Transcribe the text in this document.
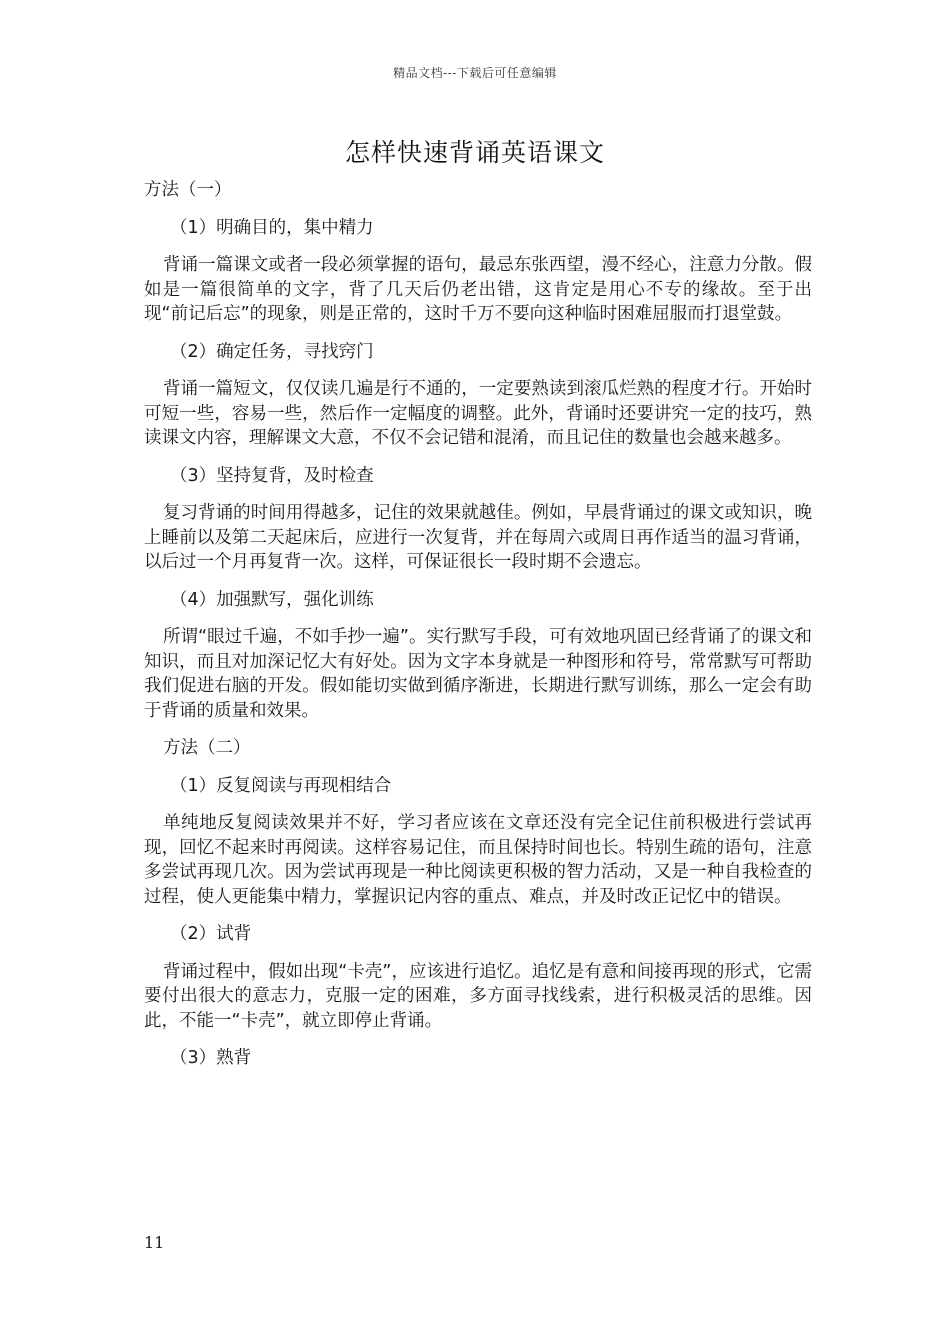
精品文档---下载后可任意编辑
怎样快速背诵英语课文
方法（一）
（1）明确目的，集中精力

背诵一篇课文或者一段必须掌握的语句，最忌东张西望，漫不经心，注意力分散。假如是一篇很简单的文字，背了几天后仍老出错，这肯定是用心不专的缘故。至于出现“前记后忘”的现象，则是正常的，这时千万不要向这种临时困难屈服而打退堂鼓。

（2）确定任务，寻找窍门

背诵一篇短文，仅仅读几遍是行不通的，一定要熟读到滚瓜烂熟的程度才行。开始时可短一些，容易一些，然后作一定幅度的调整。此外，背诵时还要讲究一定的技巧，熟读课文内容，理解课文大意，不仅不会记错和混淆，而且记住的数量也会越来越多。

（3）坚持复背，及时检查

复习背诵的时间用得越多，记住的效果就越佳。例如，早晨背诵过的课文或知识，晚上睡前以及第二天起床后，应进行一次复背，并在每周六或周日再作适当的温习背诵，以后过一个月再复背一次。这样，可保证很长一段时期不会遗忘。

（4）加强默写，强化训练

所谓“眼过千遍，不如手抄一遍”。实行默写手段，可有效地巩固已经背诵了的课文和知识，而且对加深记忆大有好处。因为文字本身就是一种图形和符号，常常默写可帮助我们促进右脑的开发。假如能切实做到循序渐进，长期进行默写训练，那么一定会有助于背诵的质量和效果。

方法（二）
（1）反复阅读与再现相结合

单纯地反复阅读效果并不好，学习者应该在文章还没有完全记住前积极进行尝试再现，回忆不起来时再阅读。这样容易记住，而且保持时间也长。特别生疏的语句，注意多尝试再现几次。因为尝试再现是一种比阅读更积极的智力活动，又是一种自我检查的过程，使人更能集中精力，掌握识记内容的重点、难点，并及时改正记忆中的错误。

（2）试背

背诵过程中，假如出现“卡壳”，应该进行追忆。追忆是有意和间接再现的形式，它需要付出很大的意志力，克服一定的困难，多方面寻找线索，进行积极灵活的思维。因此，不能一“卡壳”，就立即停止背诵。

（3）熟背
11
